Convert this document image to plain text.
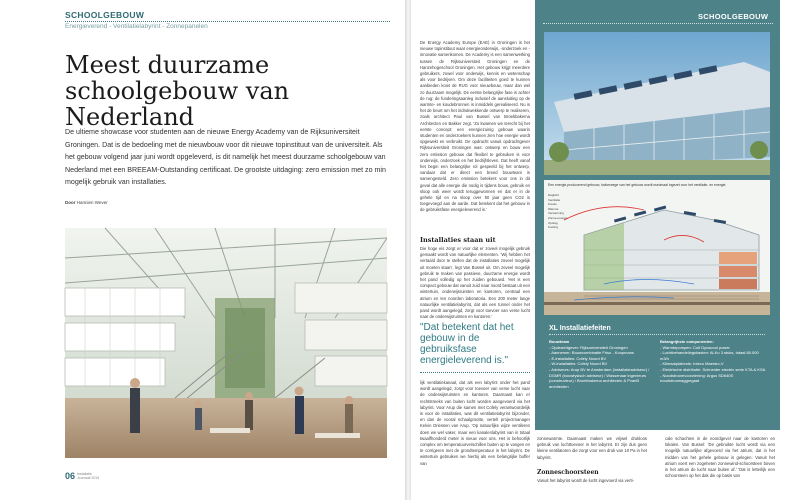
SCHOOLGEBOUW
Energieverend - Ventilatielabyrint - Zonnepanelen
Meest duurzame
schoolgebouw van Nederland

De ultieme showcase voor studenten aan de nieuwe Energy Academy van de Rijksuniversiteit Groningen. Dat is de bedoeling met de nieuwbouw voor dit nieuwe topinstituut van de universiteit. Als het gebouw volgend jaar juni wordt opgeleverd, is dit namelijk het meest duurzame schoolgebouw van Nederland met een BREEAM-Outstanding certificaat. De grootste uitdaging: zero emission met zo min mogelijk gebruik van installaties.

Door Hannien Wever
06 Installatie
Journaal 2015
De Energy Academy Europe (EAE) in Groningen is het nieuwe topinstituut waar energieonderwijs, -onderzoek en -innovatie samenkomen. De Academy is een samenwerking tussen de Rijksuniversiteit Groningen en de Hanzehogeschool Groningen. Het gebouw krijgt meerdere gebruikers, zowel voor onderwijs, kennis en wetenschap als voor bedrijven. Om deze faciliteiten goed te kunnen aanbieden koos de RUG voor nieuwbouw, maar dan wel zo duurzaam mogelijk. De eerste belangrijke fase is achter de rug: de funderingsaanleg inclusief de aansluiting op de warmte- en koudebronnen is inmiddels gerealiseerd. Nu is het de beurt om het indrukwekkende ontwerp te realiseren, zoals architect Paul van Bussel van Broekbakema Architecten en Bakker zegt. 'Zo kwamen we terecht bij het eerste concept: een energiezuinig gebouw waarin studenten en onderzoekers kunnen zien hoe energie wordt opgewekt en verbruikt. De opdracht vanuit opdrachtgever Rijksuniversiteit Groningen was: ontwerp en bouw een zero emission gebouw dat flexibel te gebruiken is voor onderwijs, onderzoek en het bedrijfsleven. Dat heeft vanaf het begin een belangrijke rol gespeeld bij het ontwerp, vandaar dat er direct een breed bouwteam is samengesteld. Zero emission betekent voor ons in dit geval dat alle energie die nodig is tijdens bouw, gebruik en sloop ook weer wordt teruggewonnen en dat er in de gehele tijd en na sloop over 50 jaar geen CO2 is toegevoegd aan de aarde. Dat betekent dat het gebouw in de gebruiksfase energieleverend is.'
Installaties staan uit
Die hoge eis zorgt er voor dat er zoveel mogelijk gebruik gemaakt wordt van natuurlijke elementen. 'Wij hebben het vertaald door te stellen dat de installaties zoveel mogelijk uit moeten staan', legt Van Bussel uit. Om zoveel mogelijk gebruik te maken van passieve, duurzame energie wordt het pand volledig op het zuiden gebouwd. 'Het is een compact gebouw dat vanuit zuid naar noord bestaat uit een wintertuin, onderwijsruimten en kantoren, centraal een atrium en ten noorden laboratoria. Een 200 meter lange natuurlijke ventilatielabyrint, dat als een tunnel onder het pand wordt aangelegd, zorgt voor toevoer van verse lucht naar de onderwijsruimten en kantoren.'
"Dat betekent dat het gebouw in de gebruiksfase energieleverend is."
lijk ventilatiekanaal, dat als een labyrint onder het pand wordt aangelegd, zorgt voor toevoer van verse lucht naar de onderwijsruimten en kantoren. Daarnaast kan er rechtstreeks van buiten lucht worden aangevoerd via het labyrint. Voor Arup die samen met Cofely verantwoordelijk is voor de installaties, was dit ventilatielabyrint bijzonder, en dan de vooral schaalgrootte, vertelt projectmanager Kelvin Driessen van Arup. 'Op natuurlijke wijze ventileren doen we wel vaker, maar een kanalenlabyrint van in totaal twaalfhonderd meter is nieuw voor ons. Het is behoorlijk complex om temperatuurverschillen buiten op te vangen en te corrigeren met de grondtemperatuur in het labyrint. De wintertuin gebruiken we hierbij als een belangrijke buffer van
SCHOOLGEBOUW
Een energie-producerend gebouw, halverwege van het gebouw wordt maximaal ingezet voor het ventilatie- en energie.
Daglicht
Ventilatie
Koude
Warmte
Verwarming
Zonne-energie
Opslag
Koeling
XL Installatiefeiten
Bouwteam
- Opdrachtgever: Rijksuniversiteit Groningen
- Aannemer: Bouwcombinatie Friso - Koopmans
- E-installaties: Cofely Noord BV
- W-installaties: Cofely Noord BV
- Adviseurs: Arup BV te Amsterdam (installatieadviseur) / DGMR (bouwfysisch adviseur) / Wassenaar ingenieurs (constructeur) / Broekbakema architecten & PvanB architecten
Belangrijkste componenten:
- Warmtepompen: Coit Dynacool power
- Luchtbehandelingskasten: Al-Ko 3 stuks, totaal 80.000 m3/h
- Klimaatplafonds: Inteco Maestro-V
- Elektrische distributie: Schneider electric serie KTA & KSA
- Noodstroomvoorziening: Argus SD640S noodstroomaggregaat
zonnewarmte. Daarnaast maken we vrijwel drukloos gebruik van luchttoevoer in het labyrint. Er zijn dus geen kleine ventilatoren die zorgt voor een druk van 10 Pa in het labyrint.
Zonneschoorsteen
Vanuit het labyrint wordt de lucht ingevoerd via verti-
cale schachten in de noordgevel naar de kantoren en lokalen. Van Bussel: 'De gebruikte lucht wordt via een mogelijk natuurlijke afgevoerd via het atrium, dat in het midden van het gehele gebouw is gelegen. Vanuit het atrium voert een zogeheten zonnewind-schoorsteen boven in het atrium de lucht naar buiten af.' 'Dat is letterlijk een schoorsteen op het dak die op basis van
